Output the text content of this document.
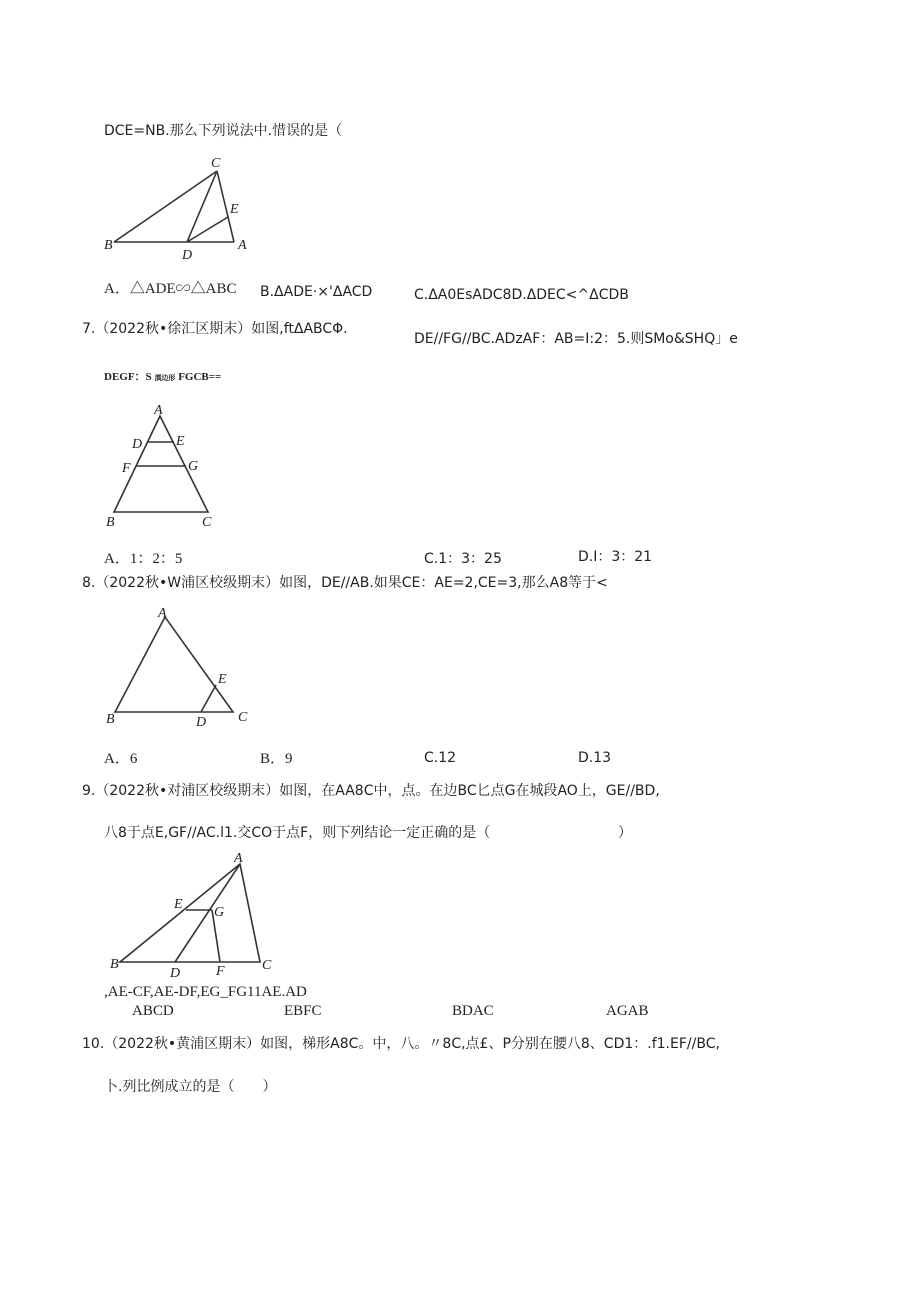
DCE=NB.那么下列说法中.惜误的是（
C
E
B
D
A
A．△ADE∽△ABC B.ΔADE·×'ΔACD	C.ΔA0EsADC8D.ΔDEC<^ΔCDB
7.（2022秋•徐汇区期末）如图,ftΔABCΦ.
DE//FG//BC.ADzAF：AB=I:2：5.则SMo&SHQ」e
DEGF：S 滇边形 FGCB==
A
D E
F	G
B	C
A．1：2：5	C.1：3：25	D.I：3：21
8.（2022秋•W浦区校级期末）如图，DE//AB.如果CE：AE=2,CE=3,那么A8等于<
A
E
B	D C
A．6	B．9	C.12	D.13
9.（2022秋•对浦区校级期末）如图，在AA8C中，点。在边BC匕点G在城段AO上，GE//BD,
八8于点E,GF//AC.l1.交CO于点F，则下列结论一定正确的是（	）
A
E
G
B
D	F	C
,AE-CF,AE-DF,EG_FG11AE.AD
ABCD	EBFC	BDAC	AGAB
10.（2022秋•黄浦区期末）如图，梯形A8C。中，八。〃8C,点£、P分别在腰八8、CD1：.f1.EF//BC,
卜.列比例成立的是（　　）
